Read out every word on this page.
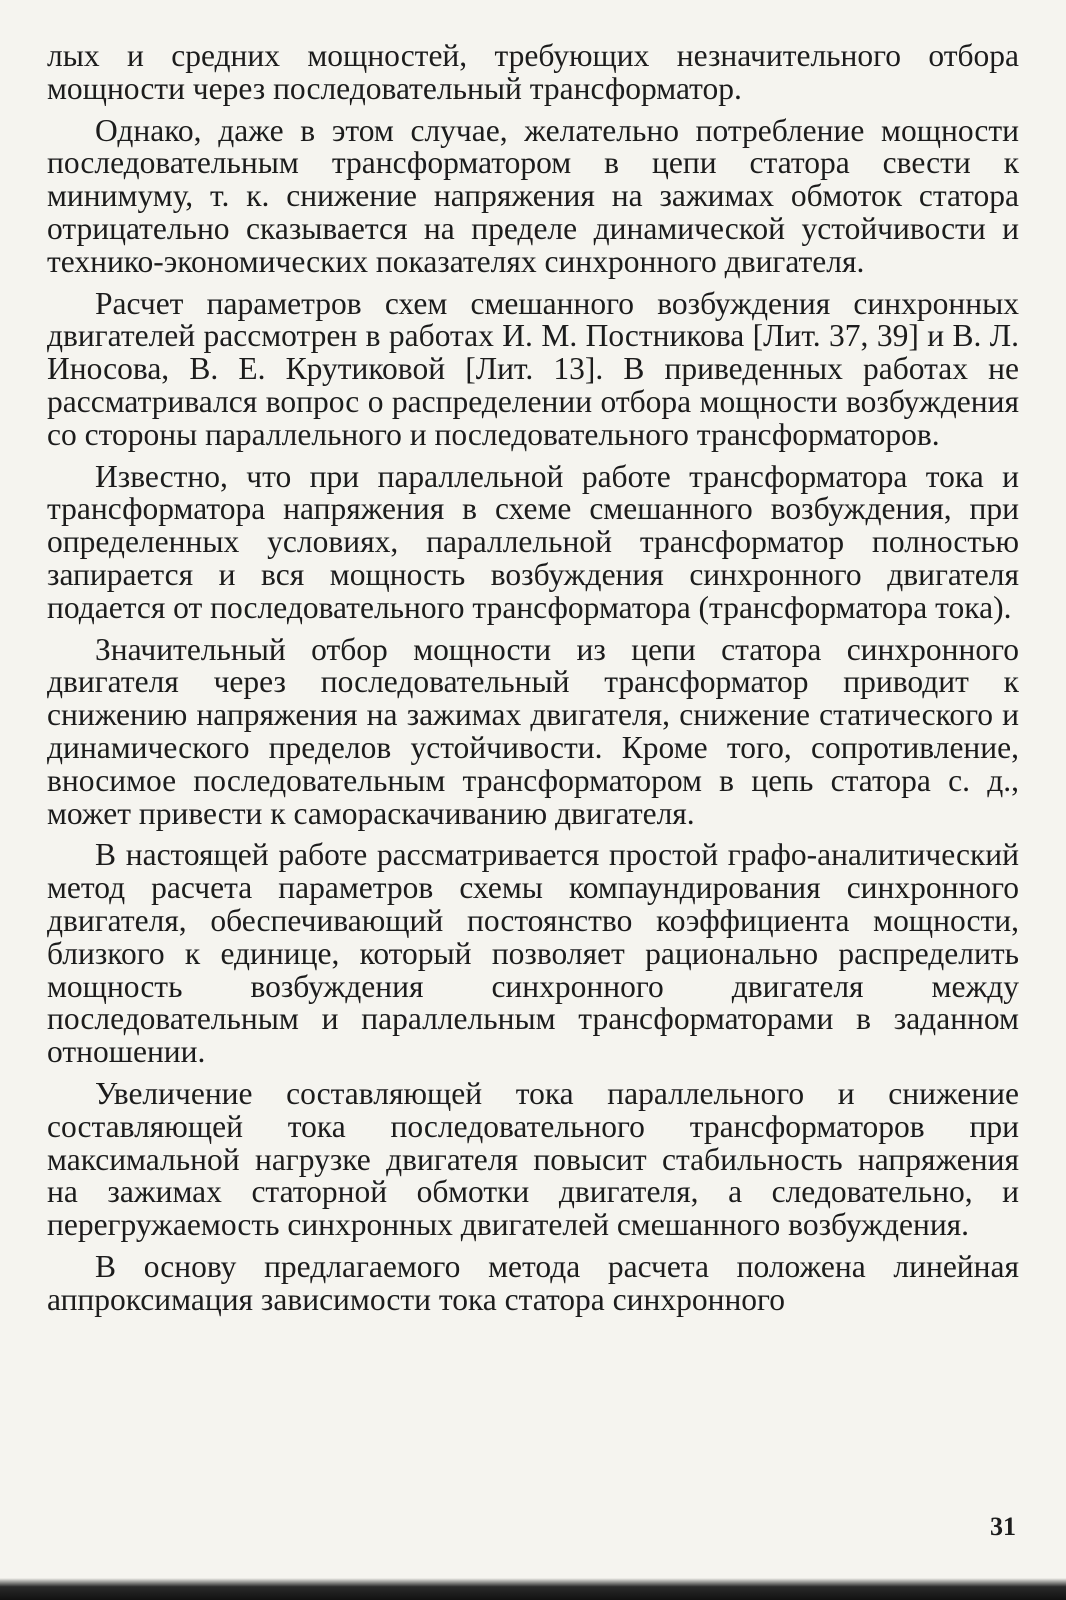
лых и средних мощностей, требующих незначительного отбора мощности через последовательный трансформатор.

Однако, даже в этом случае, желательно потребление мощности последовательным трансформатором в цепи статора свести к минимуму, т. к. снижение напряжения на зажимах обмоток статора отрицательно сказывается на пределе динамической устойчивости и технико-экономических показателях синхронного двигателя.

Расчет параметров схем смешанного возбуждения синхронных двигателей рассмотрен в работах И. М. Постникова [Лит. 37, 39] и В. Л. Иносова, В. Е. Крутиковой [Лит. 13]. В приведенных работах не рассматривался вопрос о распределении отбора мощности возбуждения со стороны параллельного и последовательного трансформаторов.

Известно, что при параллельной работе трансформатора тока и трансформатора напряжения в схеме смешанного возбуждения, при определенных условиях, параллельной трансформатор полностью запирается и вся мощность возбуждения синхронного двигателя подается от последовательного трансформатора (трансформатора тока).

Значительный отбор мощности из цепи статора синхронного двигателя через последовательный трансформатор приводит к снижению напряжения на зажимах двигателя, снижение статического и динамического пределов устойчивости. Кроме того, сопротивление, вносимое последовательным трансформатором в цепь статора с. д., может привести к самораскачиванию двигателя.

В настоящей работе рассматривается простой графо-аналитический метод расчета параметров схемы компаундирования синхронного двигателя, обеспечивающий постоянство коэффициента мощности, близкого к единице, который позволяет рационально распределить мощность возбуждения синхронного двигателя между последовательным и параллельным трансформаторами в заданном отношении.

Увеличение составляющей тока параллельного и снижение составляющей тока последовательного трансформаторов при максимальной нагрузке двигателя повысит стабильность напряжения на зажимах статорной обмотки двигателя, а следовательно, и перегружаемость синхронных двигателей смешанного возбуждения.

В основу предлагаемого метода расчета положена линейная аппроксимация зависимости тока статора синхронного

31
